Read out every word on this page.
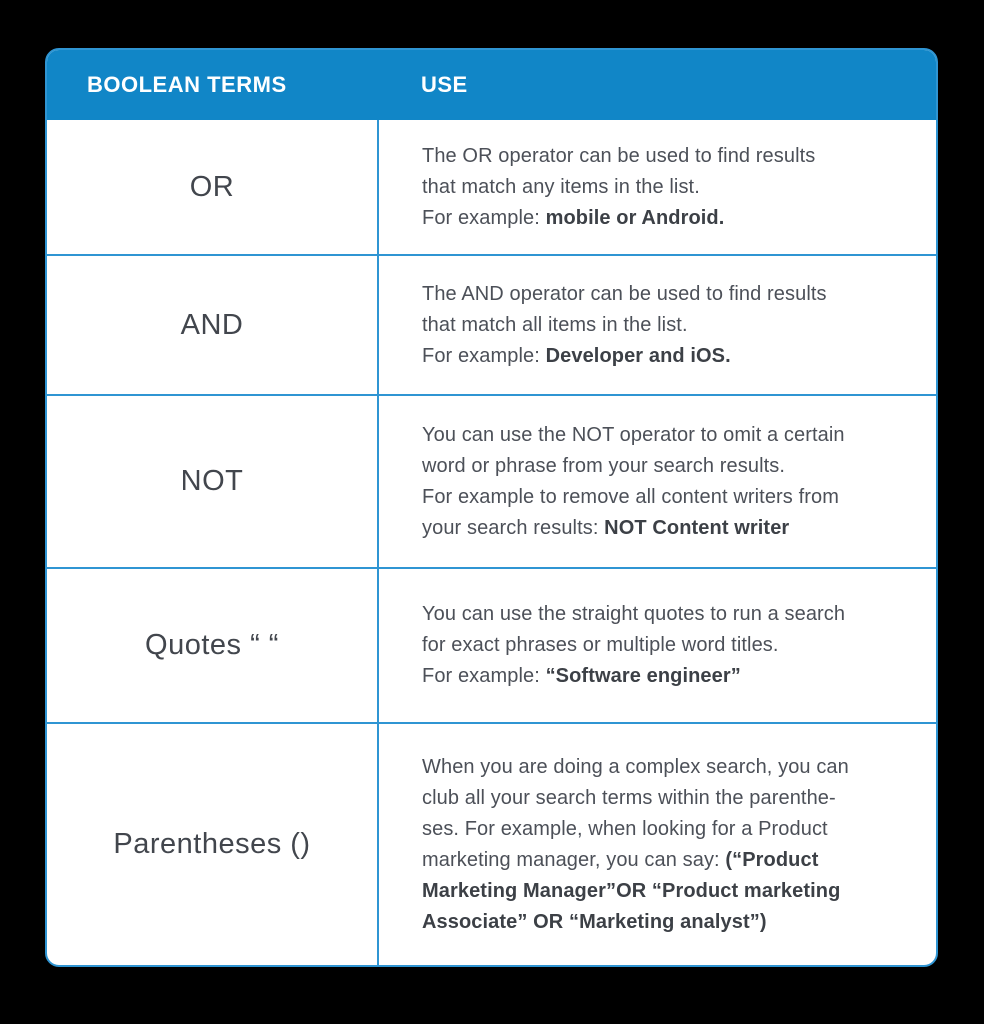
BOOLEAN TERMS	USE
OR

The OR operator can be used to find results
that match any items in the list.
For example: mobile or Android.

AND

The AND operator can be used to find results
that match all items in the list.
For example: Developer and iOS.

NOT

You can use the NOT operator to omit a certain
word or phrase from your search results.
For example to remove all content writers from
your search results: NOT Content writer

Quotes “ “

You can use the straight quotes to run a search
for exact phrases or multiple word titles.
For example: “Software engineer”

Parentheses ()

When you are doing a complex search, you can
club all your search terms within the parenthe-
ses. For example, when looking for a Product
marketing manager, you can say: (“Product
Marketing Manager”OR “Product marketing
Associate” OR “Marketing analyst”)
